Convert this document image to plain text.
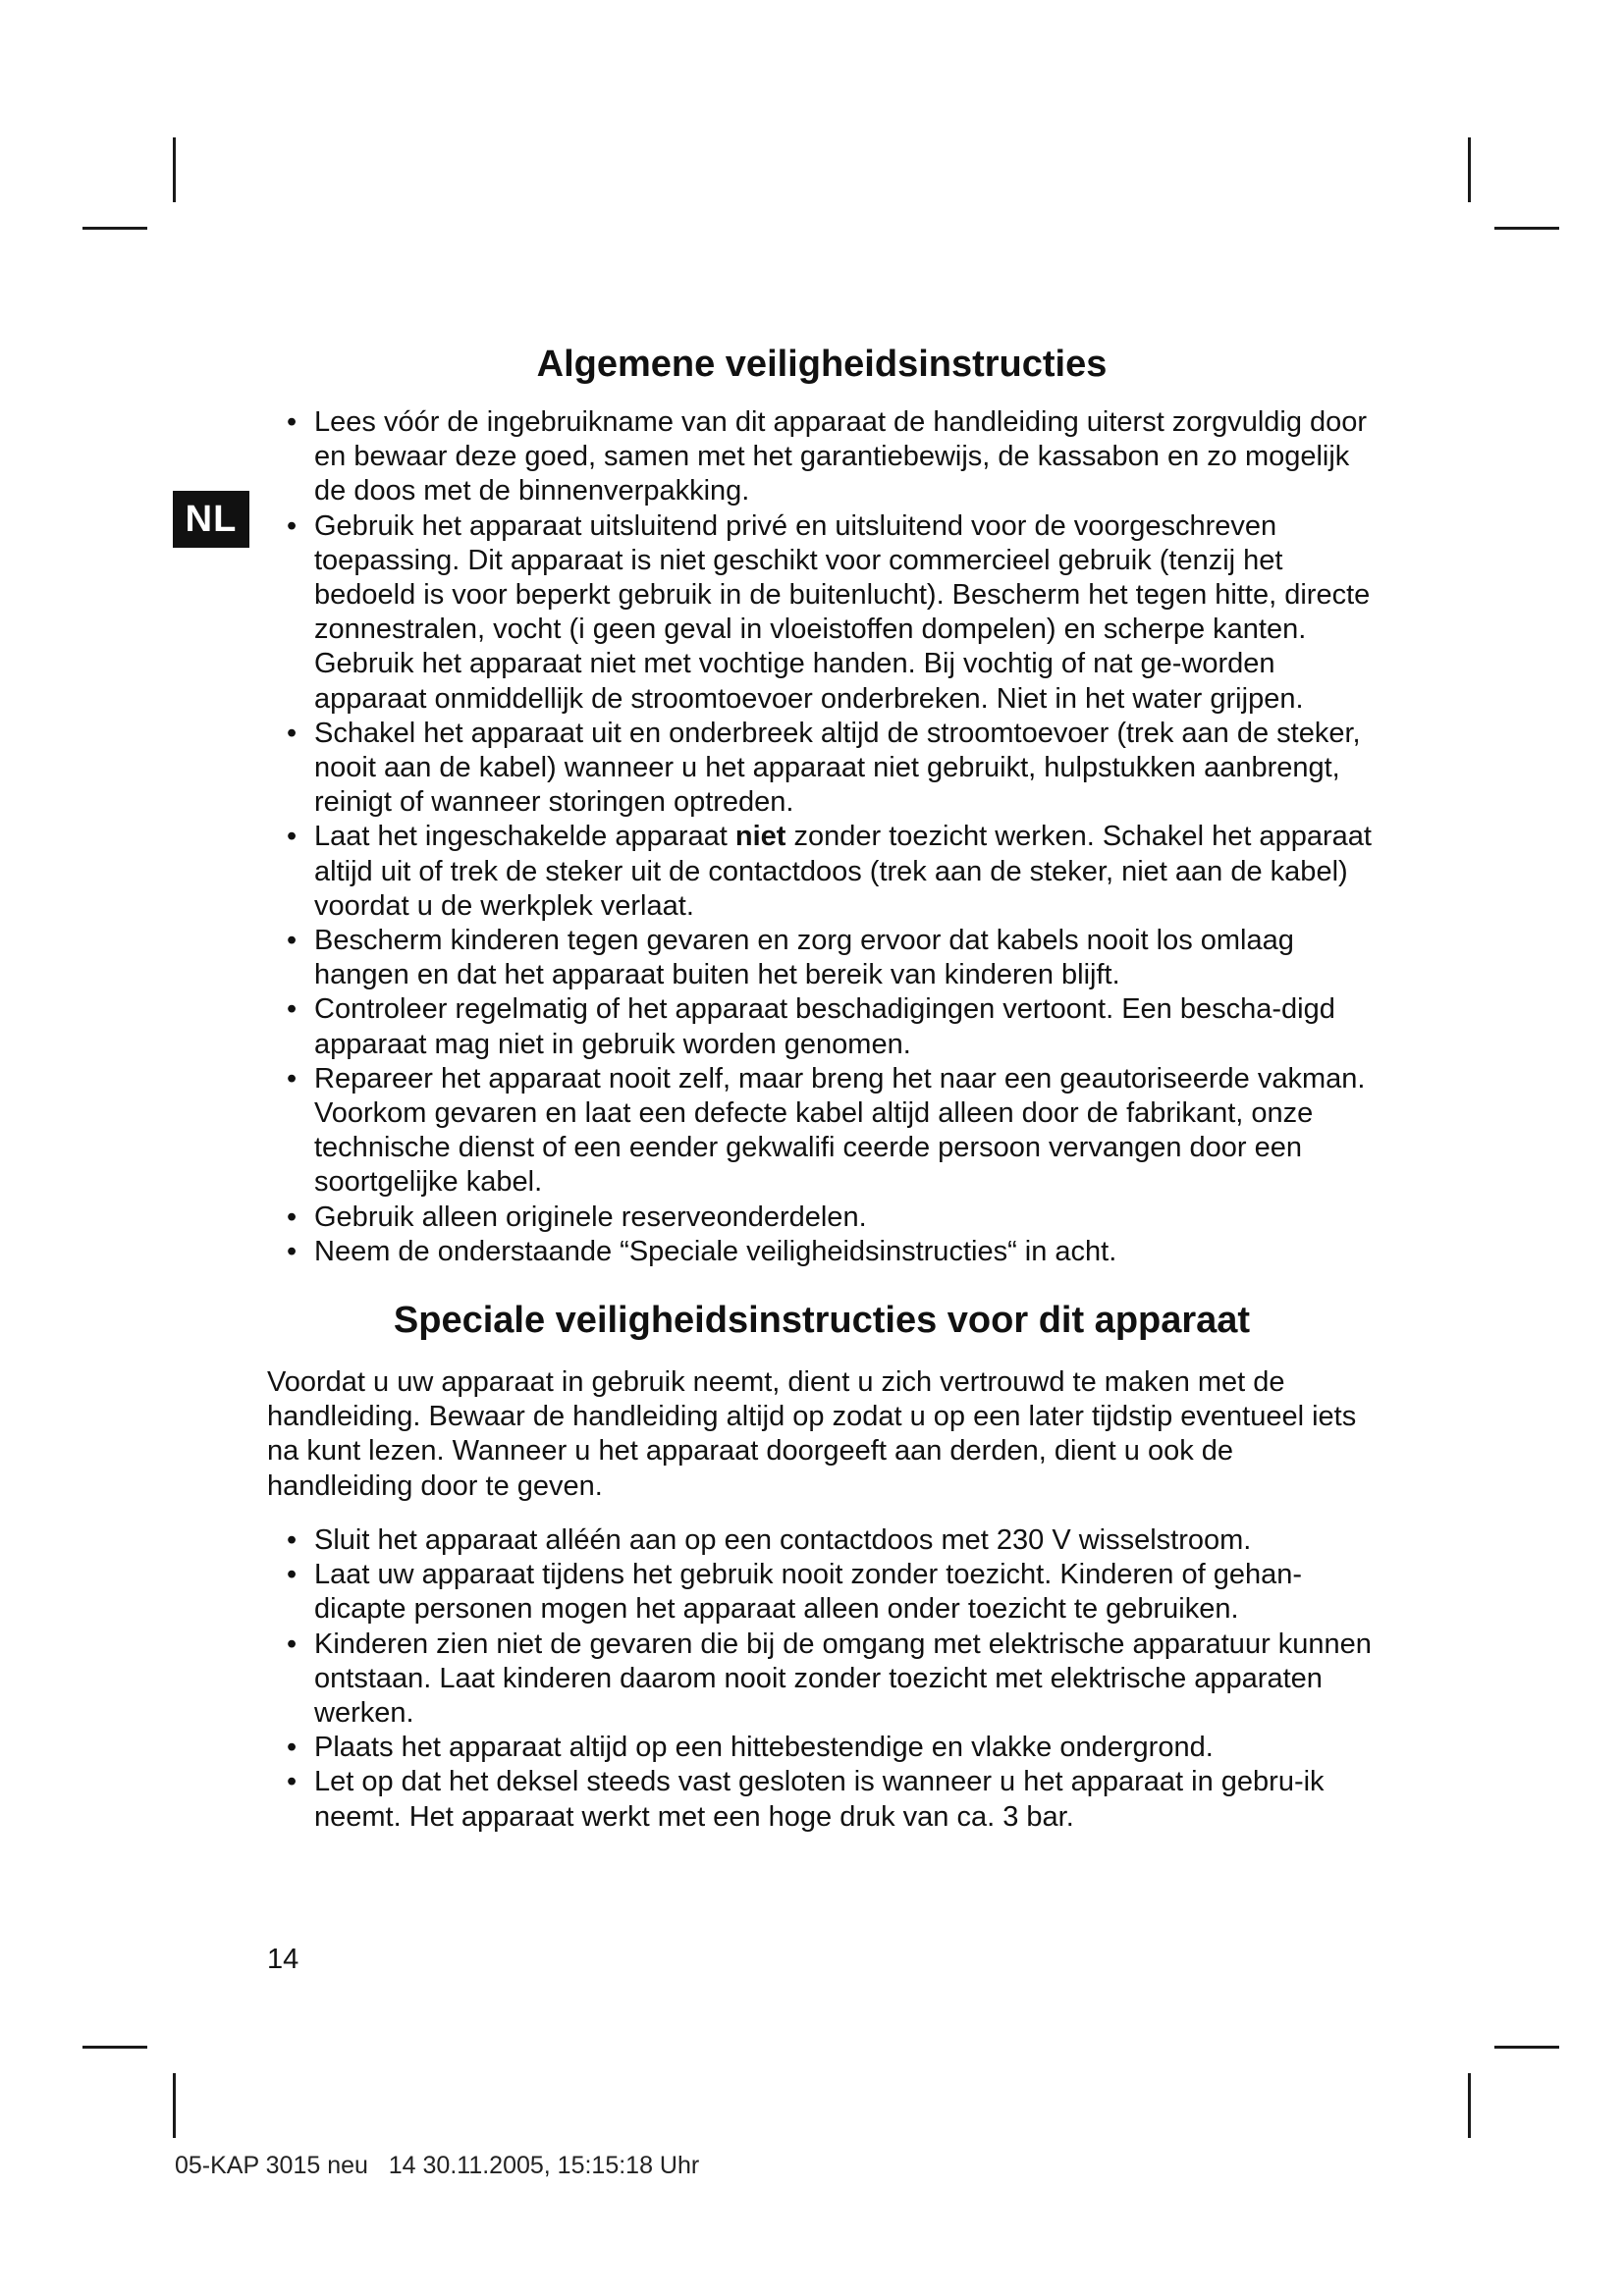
NL
Algemene veiligheidsinstructies
• Lees vóór de ingebruikname van dit apparaat de handleiding uiterst zorgvuldig door en bewaar deze goed, samen met het garantiebewijs, de kassabon en zo mogelijk de doos met de binnenverpakking.
• Gebruik het apparaat uitsluitend privé en uitsluitend voor de voorgeschreven toepassing. Dit apparaat is niet geschikt voor commercieel gebruik (tenzij het bedoeld is voor beperkt gebruik in de buitenlucht). Bescherm het tegen hitte, directe zonnestralen, vocht (i geen geval in vloeistoffen dompelen) en scherpe kanten. Gebruik het apparaat niet met vochtige handen. Bij vochtig of nat ge-worden apparaat onmiddellijk de stroomtoevoer onderbreken. Niet in het water grijpen.
• Schakel het apparaat uit en onderbreek altijd de stroomtoevoer (trek aan de steker, nooit aan de kabel) wanneer u het apparaat niet gebruikt, hulpstukken aanbrengt, reinigt of wanneer storingen optreden.
• Laat het ingeschakelde apparaat niet zonder toezicht werken. Schakel het apparaat altijd uit of trek de steker uit de contactdoos (trek aan de steker, niet aan de kabel) voordat u de werkplek verlaat.
• Bescherm kinderen tegen gevaren en zorg ervoor dat kabels nooit los omlaag hangen en dat het apparaat buiten het bereik van kinderen blijft.
• Controleer regelmatig of het apparaat beschadigingen vertoont. Een bescha-digd apparaat mag niet in gebruik worden genomen.
• Repareer het apparaat nooit zelf, maar breng het naar een geautoriseerde vakman. Voorkom gevaren en laat een defecte kabel altijd alleen door de fabrikant, onze technische dienst of een eender gekwalifi ceerde persoon vervangen door een soortgelijke kabel.
• Gebruik alleen originele reserveonderdelen.
• Neem de onderstaande “Speciale veiligheidsinstructies“ in acht.
Speciale veiligheidsinstructies voor dit apparaat

Voordat u uw apparaat in gebruik neemt, dient u zich vertrouwd te maken met de handleiding. Bewaar de handleiding altijd op zodat u op een later tijdstip eventueel iets na kunt lezen. Wanneer u het apparaat doorgeeft aan derden, dient u ook de handleiding door te geven.

• Sluit het apparaat alléén aan op een contactdoos met 230 V wisselstroom.
• Laat uw apparaat tijdens het gebruik nooit zonder toezicht. Kinderen of gehan-dicapte personen mogen het apparaat alleen onder toezicht te gebruiken.
• Kinderen zien niet de gevaren die bij de omgang met elektrische apparatuur kunnen ontstaan. Laat kinderen daarom nooit zonder toezicht met elektrische apparaten werken.
• Plaats het apparaat altijd op een hittebestendige en vlakke ondergrond.
• Let op dat het deksel steeds vast gesloten is wanneer u het apparaat in gebru-ik neemt. Het apparaat werkt met een hoge druk van ca. 3 bar.
14
05-KAP 3015 neu   14 30.11.2005, 15:15:18 Uhr
